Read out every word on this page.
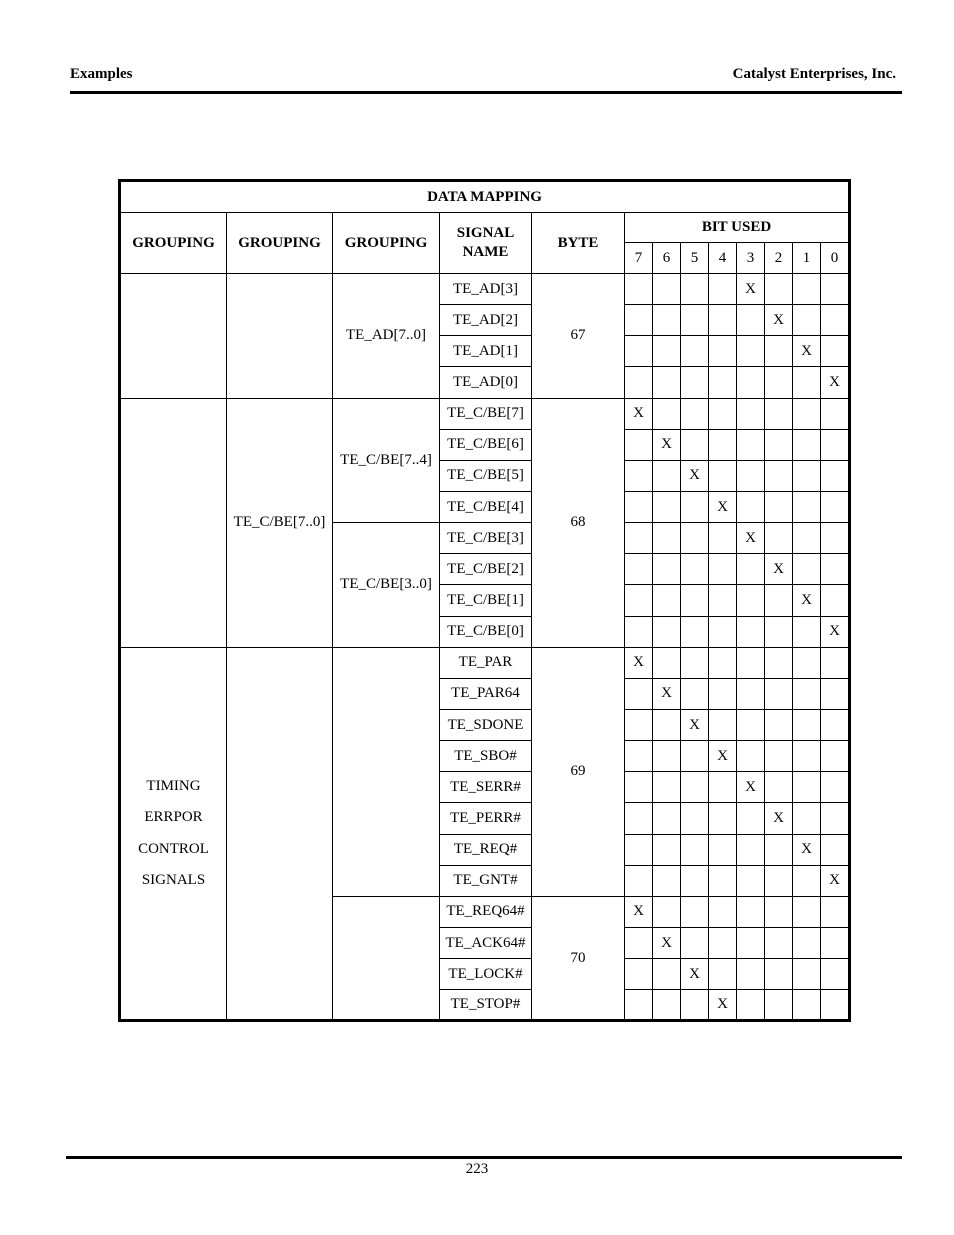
Examples	Catalyst Enterprises, Inc.
DATA MAPPING												
GROUPING	GROUPING	GROUPING	SIGNAL NAME	BYTE	BIT USED							
					7	6	5	4	3	2	1	0

		TE_AD[7..0]	TE_AD[3]	67					X			
			TE_AD[2]							X		
			TE_AD[1]								X	
			TE_AD[0]									X

	TE_C/BE[7..0]	TE_C/BE[7..4]	TE_C/BE[7]	68	X							
			TE_C/BE[6]			X						
			TE_C/BE[5]				X					
			TE_C/BE[4]					X				
		TE_C/BE[3..0]	TE_C/BE[3]						X			
			TE_C/BE[2]							X		
			TE_C/BE[1]								X	
			TE_C/BE[0]									X

TIMING
ERRPOR
CONTROL
SIGNALS			TE_PAR	69	X							
			TE_PAR64			X						
			TE_SDONE				X					
			TE_SBO#					X				
			TE_SERR#						X			
			TE_PERR#							X		
			TE_REQ#								X	
			TE_GNT#									X
			TE_REQ64#	70	X							
			TE_ACK64#			X						
			TE_LOCK#				X					
			TE_STOP#					X				
223
